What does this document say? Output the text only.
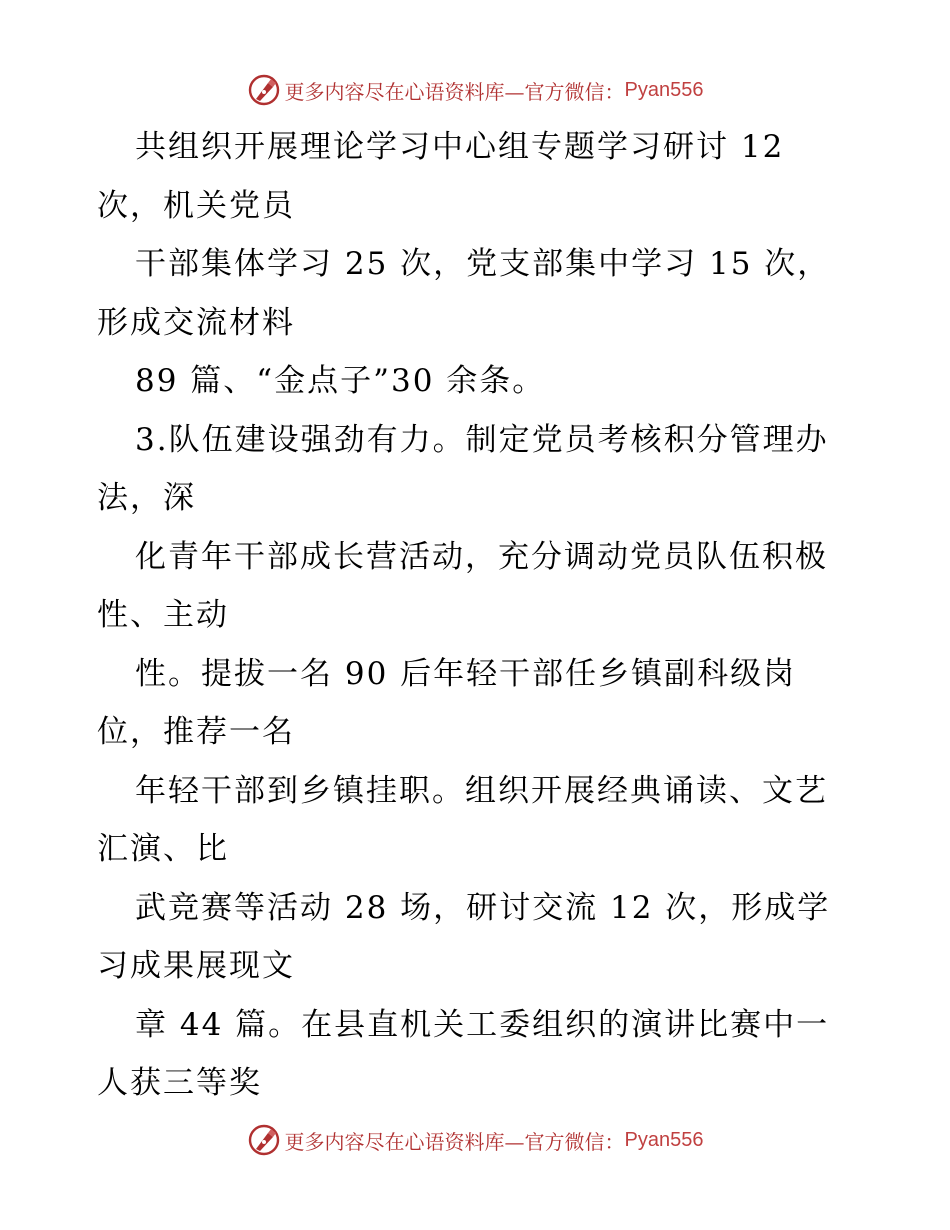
更多内容尽在心语资料库—官方微信： Pyan556
共组织开展理论学习中心组专题学习研讨 12
次，机关党员
干部集体学习 25 次，党支部集中学习 15 次，
形成交流材料
89 篇、“金点子”30 余条。
3.队伍建设强劲有力。制定党员考核积分管理办
法，深
化青年干部成长营活动，充分调动党员队伍积极
性、主动
性。提拔一名 90 后年轻干部任乡镇副科级岗
位，推荐一名
年轻干部到乡镇挂职。组织开展经典诵读、文艺
汇演、比
武竞赛等活动 28 场，研讨交流 12 次，形成学
习成果展现文
章 44 篇。在县直机关工委组织的演讲比赛中一
人获三等奖
更多内容尽在心语资料库—官方微信： Pyan556
